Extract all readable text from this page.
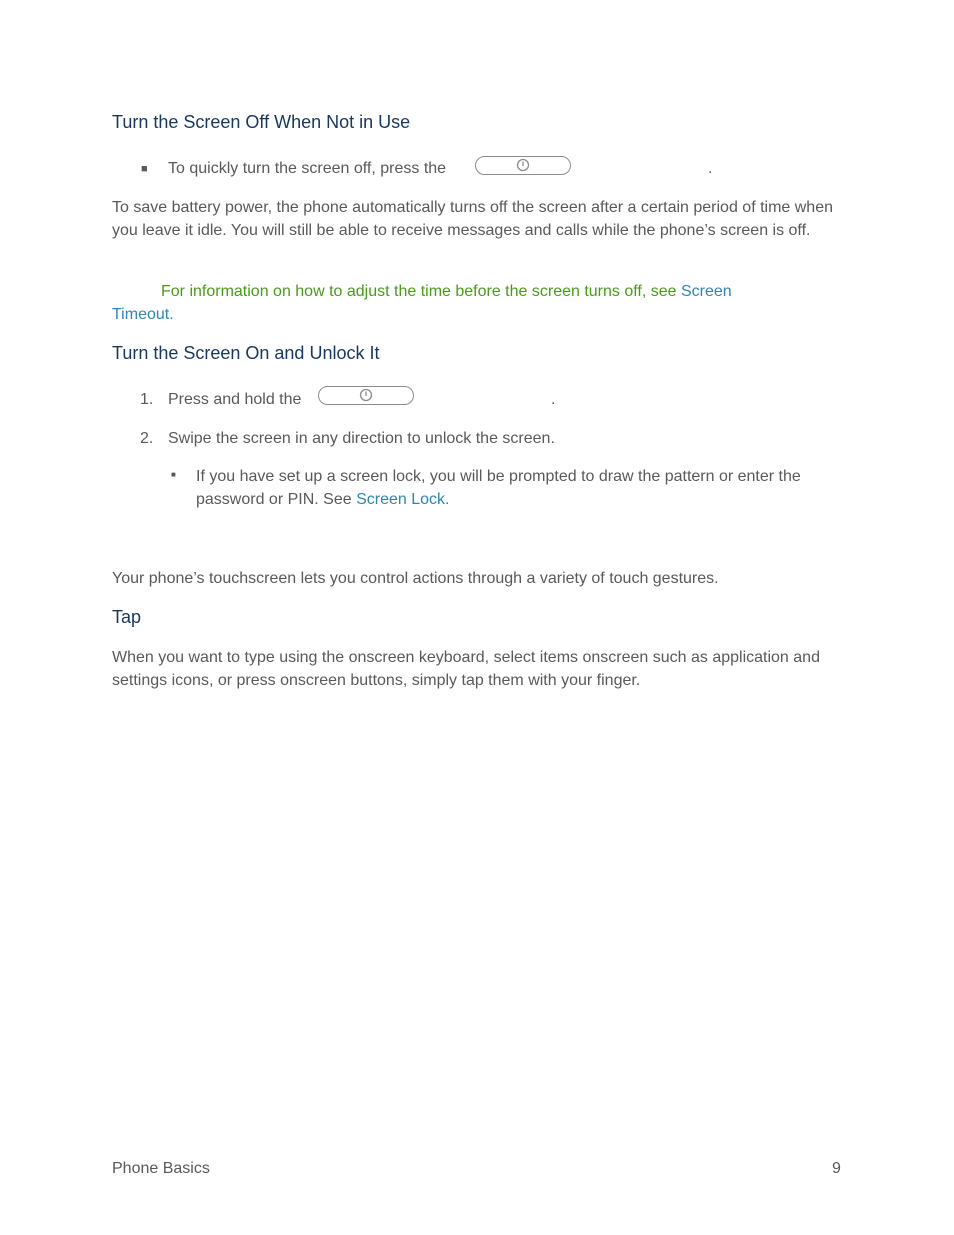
Turn the Screen Off When Not in Use
■ To quickly turn the screen off, press the	.
To save battery power, the phone automatically turns off the screen after a certain period of time when you leave it idle. You will still be able to receive messages and calls while the phone’s screen is off.
For information on how to adjust the time before the screen turns off, see Screen
Timeout.
Turn the Screen On and Unlock It
1. Press and hold the	.
2. Swipe the screen in any direction to unlock the screen.
■ If you have set up a screen lock, you will be prompted to draw the pattern or enter the password or PIN. See Screen Lock.
Your phone’s touchscreen lets you control actions through a variety of touch gestures.
Tap
When you want to type using the onscreen keyboard, select items onscreen such as application and settings icons, or press onscreen buttons, simply tap them with your finger.
Phone Basics	9
